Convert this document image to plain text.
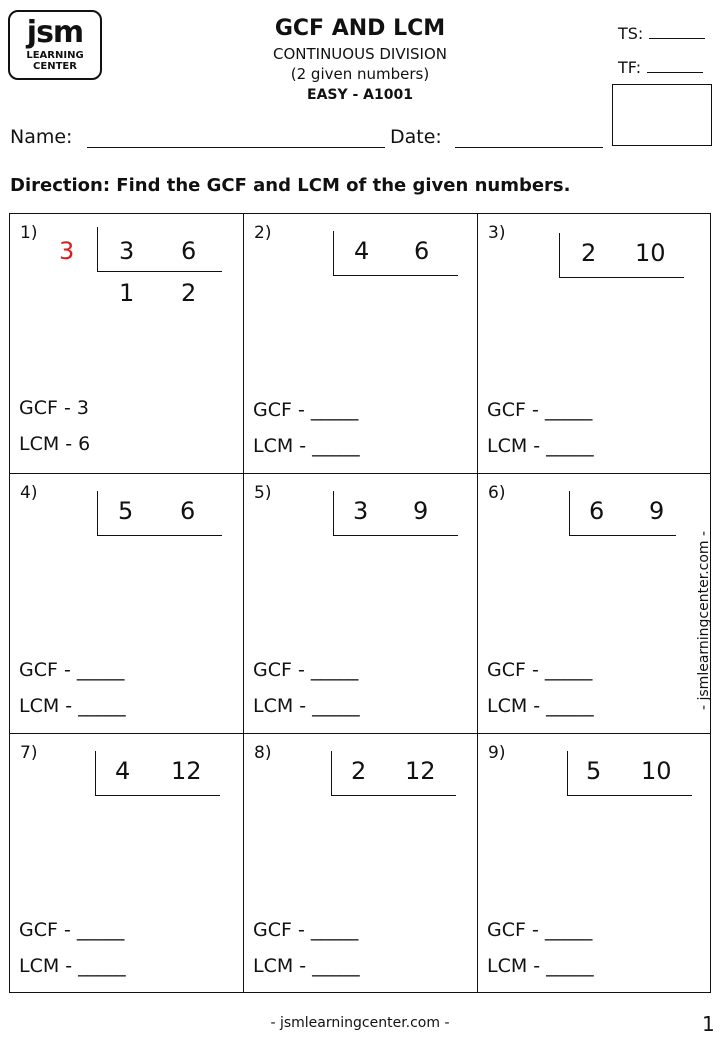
jsm
LEARNING
CENTER
GCF AND LCM
CONTINUOUS DIVISION
(2 given numbers)
EASY - A1001
TS:
TF:
Name:	Date:
Direction: Find the GCF and LCM of the given numbers.
1)
3 3 6
1 2
GCF - 3
LCM - 6
2)
4 6
GCF - _____
LCM - _____
3)
2 10
GCF - _____
LCM - _____
4)
5 6
GCF - _____
LCM - _____
5)
3 9
GCF - _____
LCM - _____
6)
6 9
GCF - _____
LCM - _____
7)
4 12
GCF - _____
LCM - _____
8)
2 12
GCF - _____
LCM - _____
9)
5 10
GCF - _____
LCM - _____
- jsmlearningcenter.com -
- jsmlearningcenter.com -	1
